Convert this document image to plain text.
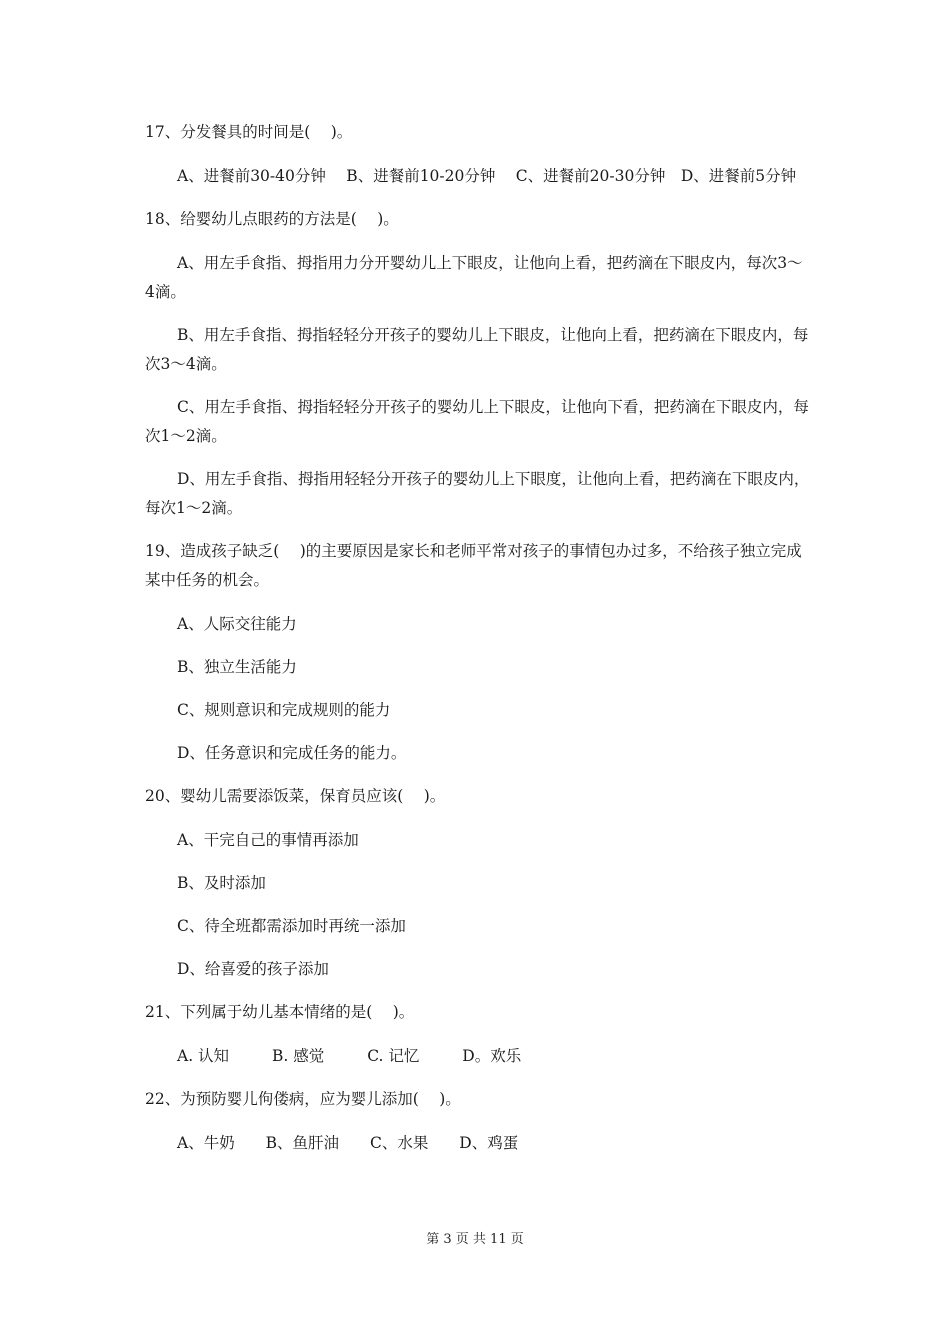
17、分发餐具的时间是(　 )。

A、进餐前30-40分钟　 B、进餐前10-20分钟　 C、进餐前20-30分钟　D、进餐前5分钟

18、给婴幼儿点眼药的方法是(　 )。

A、用左手食指、拇指用力分开婴幼儿上下眼皮，让他向上看，把药滴在下眼皮内，每次3～4滴。

B、用左手食指、拇指轻轻分开孩子的婴幼儿上下眼皮，让他向上看，把药滴在下眼皮内，每次3～4滴。

C、用左手食指、拇指轻轻分开孩子的婴幼儿上下眼皮，让他向下看，把药滴在下眼皮内，每次1～2滴。

D、用左手食指、拇指用轻轻分开孩子的婴幼儿上下眼度，让他向上看，把药滴在下眼皮内，每次1～2滴。

19、造成孩子缺乏(　 )的主要原因是家长和老师平常对孩子的事情包办过多，不给孩子独立完成某中任务的机会。

A、人际交往能力

B、独立生活能力

C、规则意识和完成规则的能力

D、任务意识和完成任务的能力。

20、婴幼儿需要添饭菜，保育员应该(　 )。

A、干完自己的事情再添加

B、及时添加

C、待全班都需添加时再统一添加

D、给喜爱的孩子添加

21、下列属于幼儿基本情绪的是(　 )。

A. 认知	B. 感觉	C. 记忆	D。欢乐

22、为预防婴儿佝偻病，应为婴儿添加(　 )。

A、牛奶 B、鱼肝油 C、水果 D、鸡蛋

第 3 页 共 11 页
